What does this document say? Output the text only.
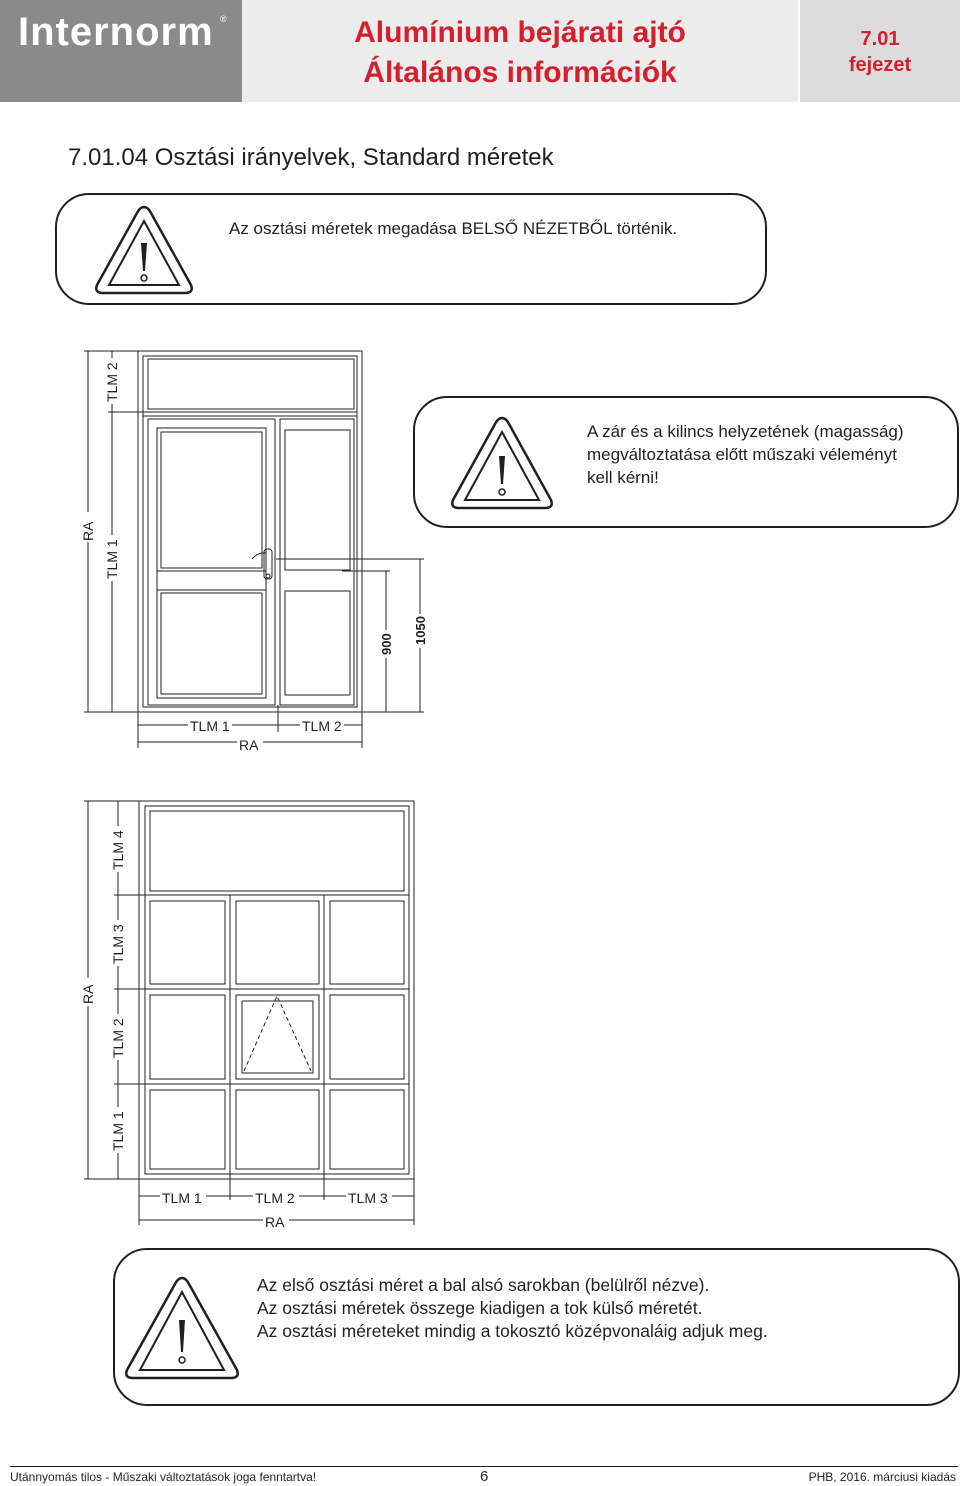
Internorm ®	Alumínium bejárati ajtó
Általános információk
7.01
fejezet
7.01.04 Osztási irányelvek, Standard méretek
Az osztási méretek megadása BELSŐ NÉZETBŐL történik.
A zár és a kilincs helyzetének (magasság)
megváltoztatása előtt műszaki véleményt
kell kérni!
Az első osztási méret a bal alsó sarokban (belülről nézve).
Az osztási méretek összege kiadigen a tok külső méretét.
Az osztási méreteket mindig a tokosztó középvonaláig adjuk meg.
RA
TLM 2
TLM 1
900 1050
TLM 1	TLM 2
RA
RA
TLM 4
TLM 3
TLM 2
TLM 1
TLM 1	TLM 2	TLM 3
RA
Utánnyomás tilos - Műszaki változtatások joga fenntartva!	6	PHB, 2016. márciusi kiadás
